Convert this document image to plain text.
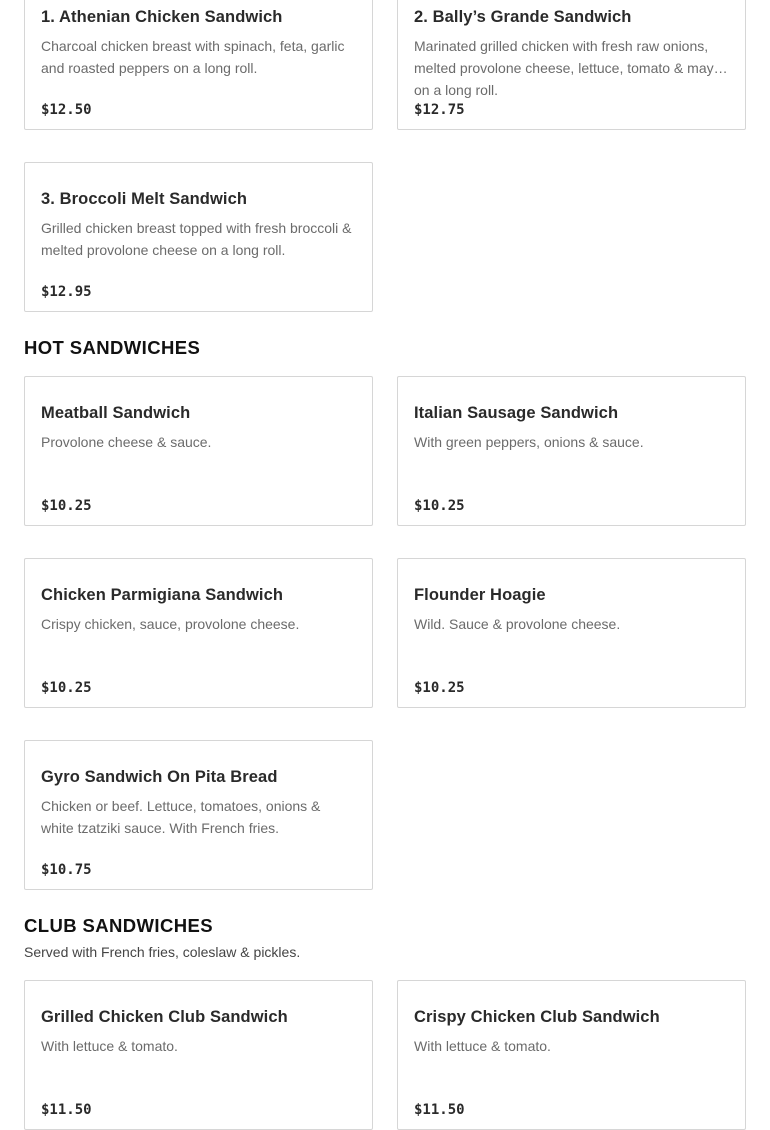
1. Athenian Chicken Sandwich
Charcoal chicken breast with spinach, feta, garlic and roasted peppers on a long roll.
$12.50
2. Bally’s Grande Sandwich
Marinated grilled chicken with fresh raw onions, melted provolone cheese, lettuce, tomato & mayo on a long roll.
$12.75
3. Broccoli Melt Sandwich
Grilled chicken breast topped with fresh broccoli & melted provolone cheese on a long roll.
$12.95
HOT SANDWICHES
Meatball Sandwich
Provolone cheese & sauce.
$10.25
Italian Sausage Sandwich
With green peppers, onions & sauce.
$10.25
Chicken Parmigiana Sandwich
Crispy chicken, sauce, provolone cheese.
$10.25
Flounder Hoagie
Wild. Sauce & provolone cheese.
$10.25
Gyro Sandwich On Pita Bread
Chicken or beef. Lettuce, tomatoes, onions & white tzatziki sauce. With French fries.
$10.75
CLUB SANDWICHES

Served with French fries, coleslaw & pickles.

Grilled Chicken Club Sandwich
With lettuce & tomato.
$11.50
Crispy Chicken Club Sandwich
With lettuce & tomato.
$11.50
